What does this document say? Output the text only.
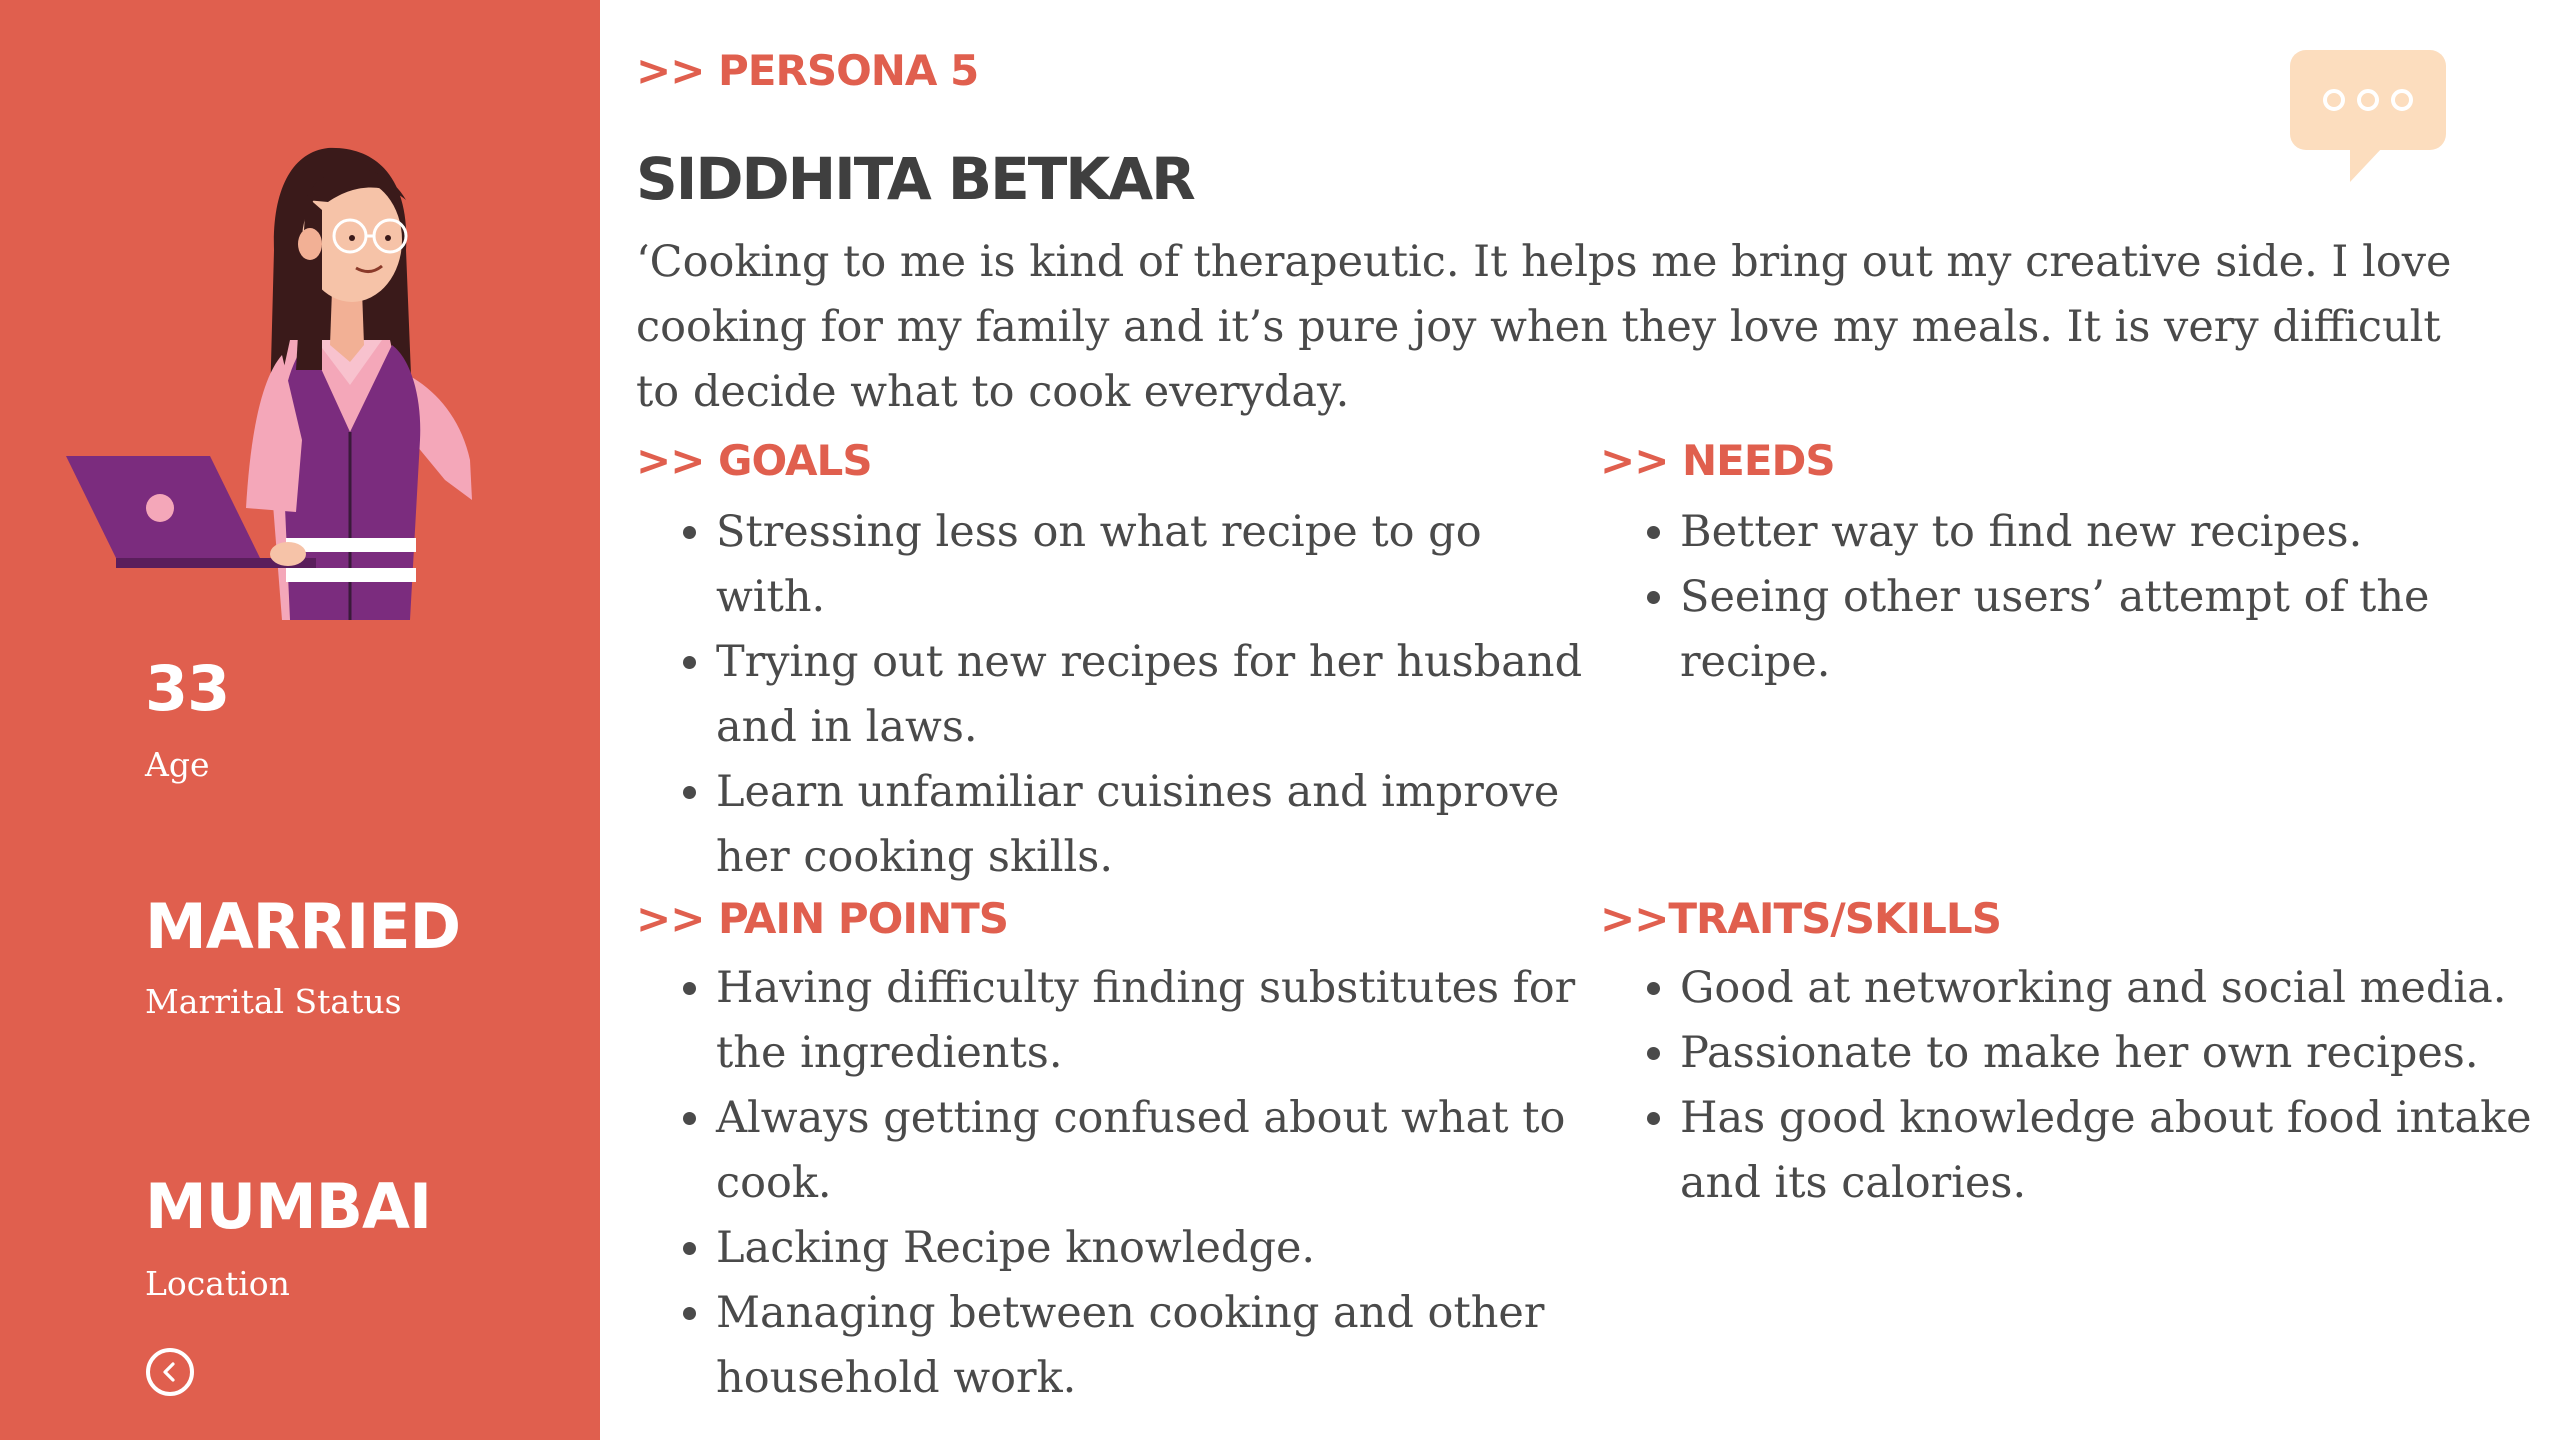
33
Age
MARRIED
Marrital Status
MUMBAI
Location
>> PERSONA 5
SIDDHITA BETKAR
‘Cooking to me is kind of therapeutic. It helps me bring out my creative side. I love cooking for my family and it’s pure joy when they love my meals. It is very difficult to decide what to cook everyday.
>> GOALS
• Stressing less on what recipe to go with.
• Trying out new recipes for her husband and in laws.
• Learn unfamiliar cuisines and improve her cooking skills.
>> NEEDS
• Better way to find new recipes.
• Seeing other users’ attempt of the recipe.
>> PAIN POINTS
• Having difficulty finding substitutes for the ingredients.
• Always getting confused about what to cook.
• Lacking Recipe knowledge.
• Managing between cooking and other household work.
>>TRAITS/SKILLS
• Good at networking and social media.
• Passionate to make her own recipes.
• Has good knowledge about food intake and its calories.
